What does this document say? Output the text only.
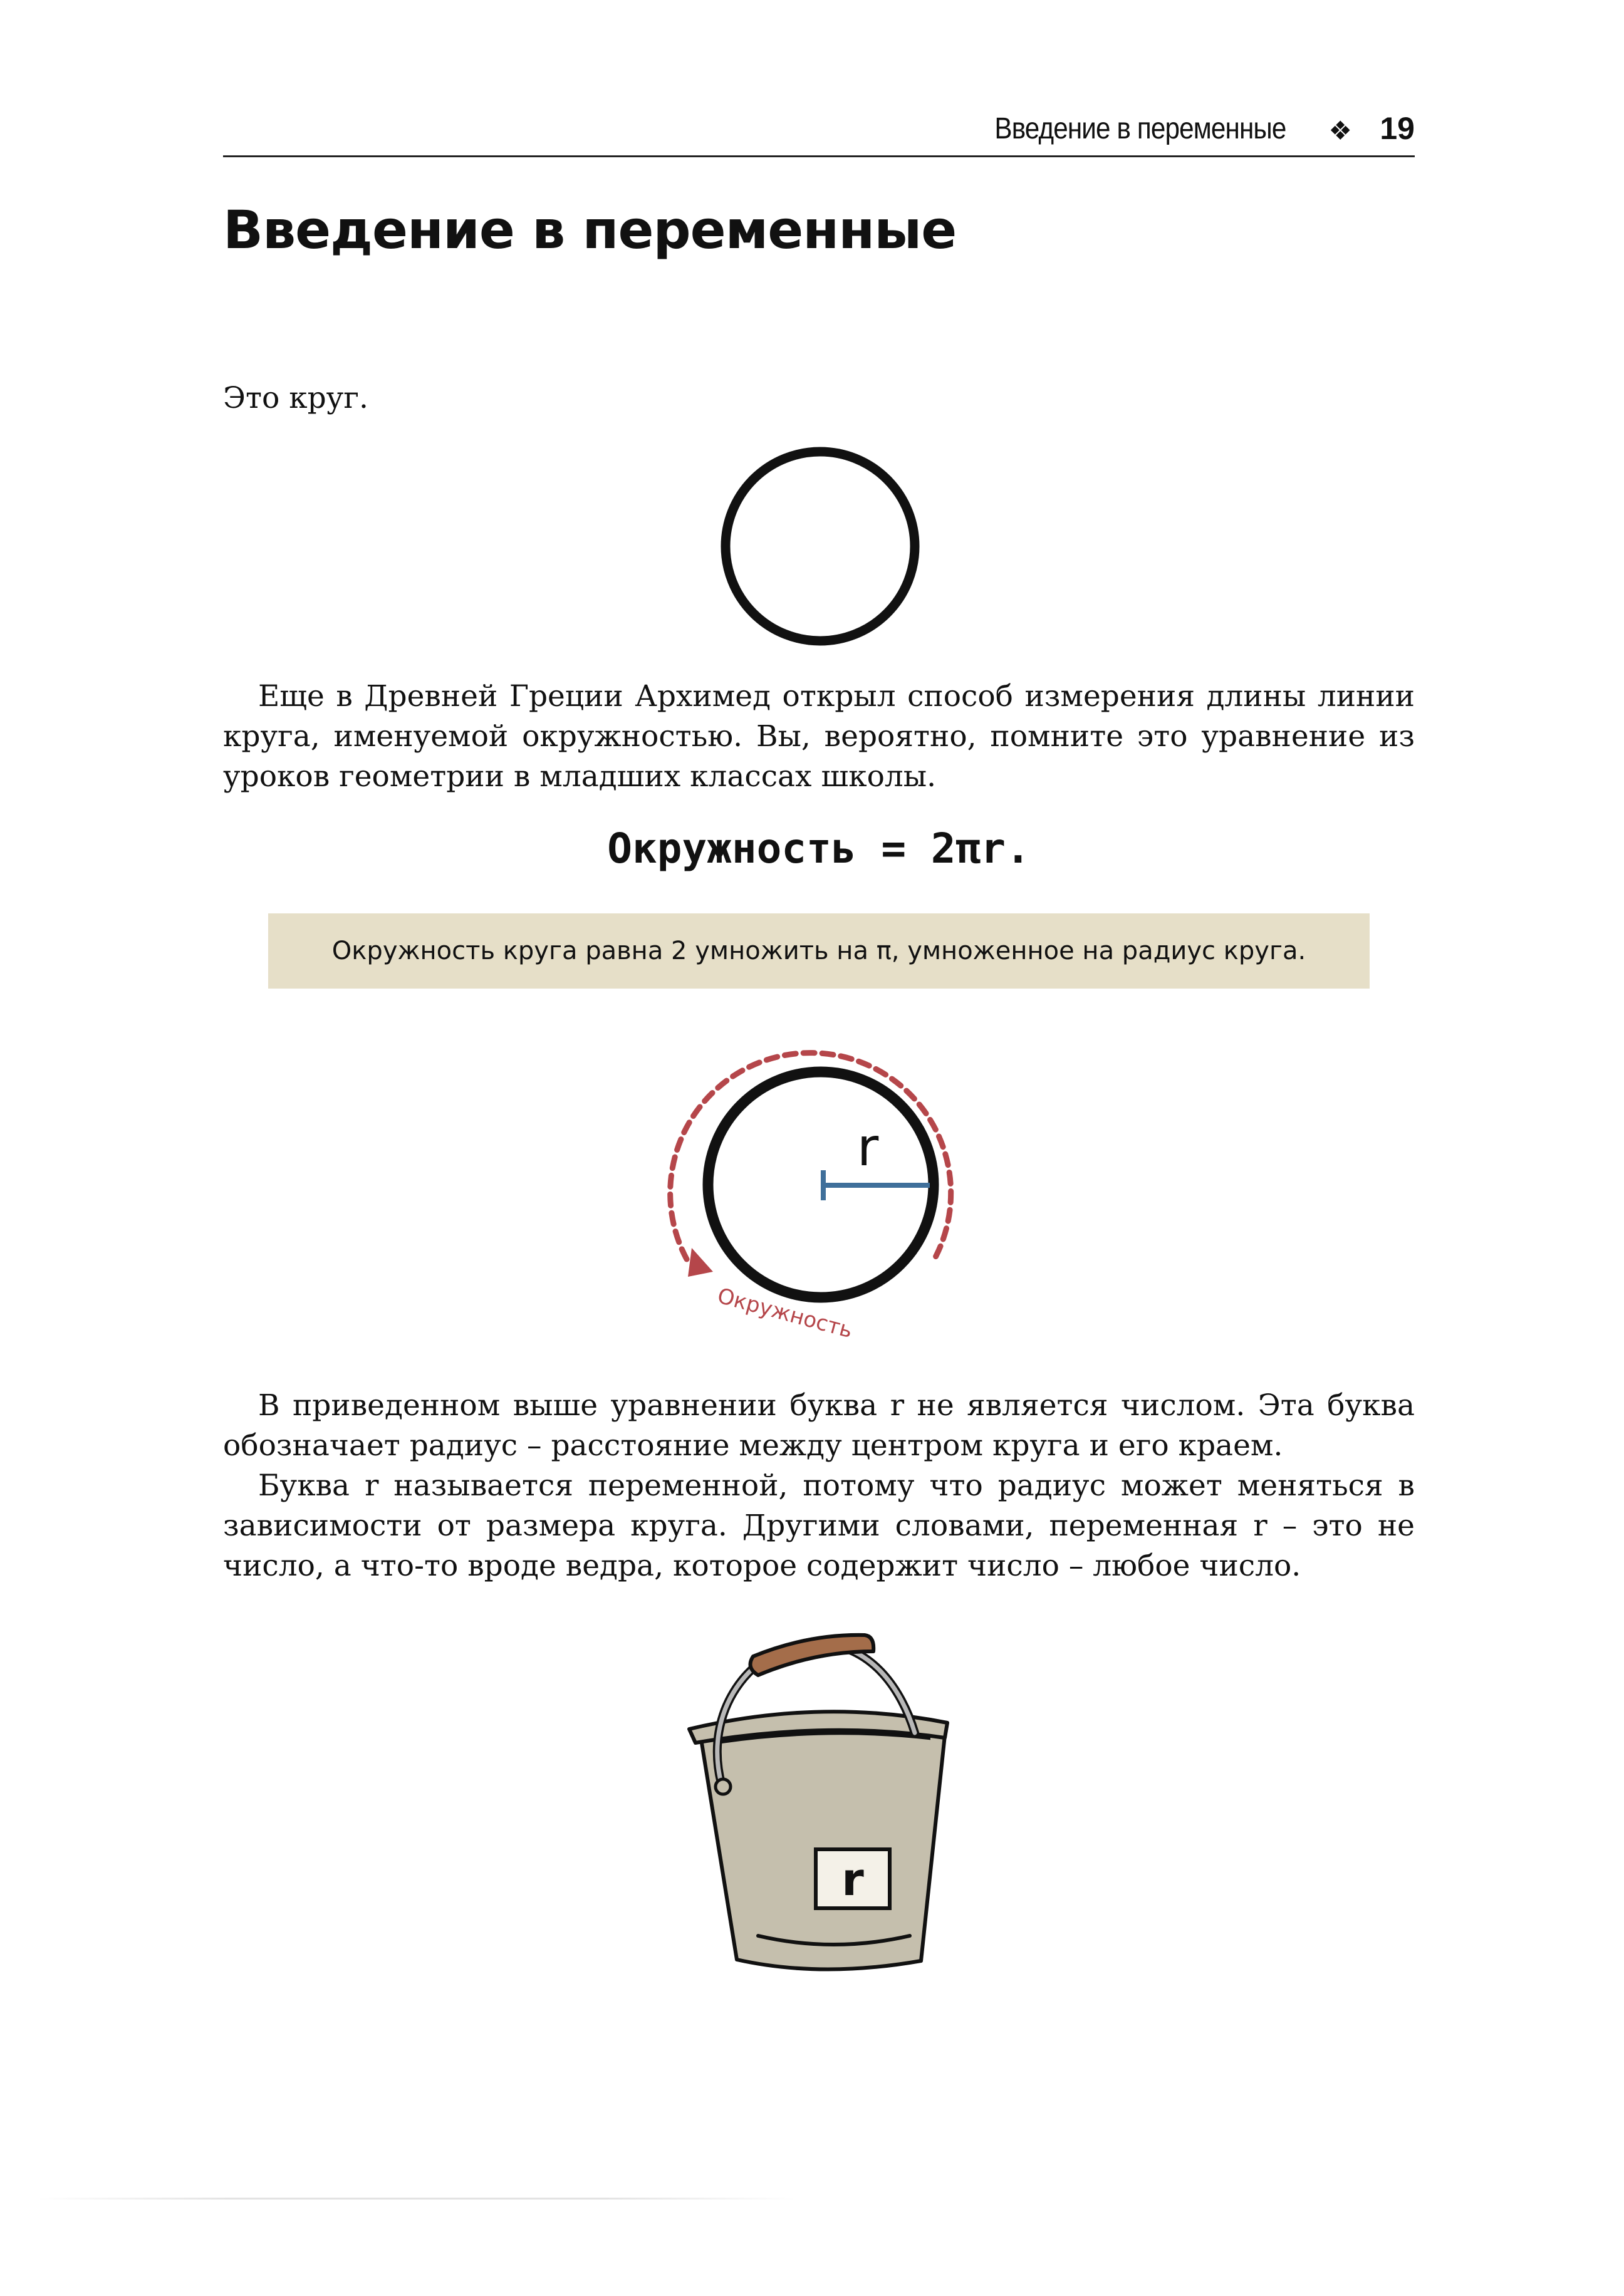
Введение в переменные ❖ 19
Введение в переменные

Это круг.

Еще в Древней Греции Архимед открыл способ измерения длины линии круга, именуемой окружностью. Вы, вероятно, помните это уравнение из уроков геометрии в младших классах школы.

Окружность = 2πr.
Окружность круга равна 2 умножить на π, умноженное на радиус круга.
r
Окружность

В приведенном выше уравнении буква r не является числом. Эта буква обозначает радиус – расстояние между центром круга и его краем.

Буква r называется переменной, потому что радиус может меняться в зависимости от размера круга. Другими словами, переменная r – это не число, а что-то вроде ведра, которое содержит число – любое число.

r
